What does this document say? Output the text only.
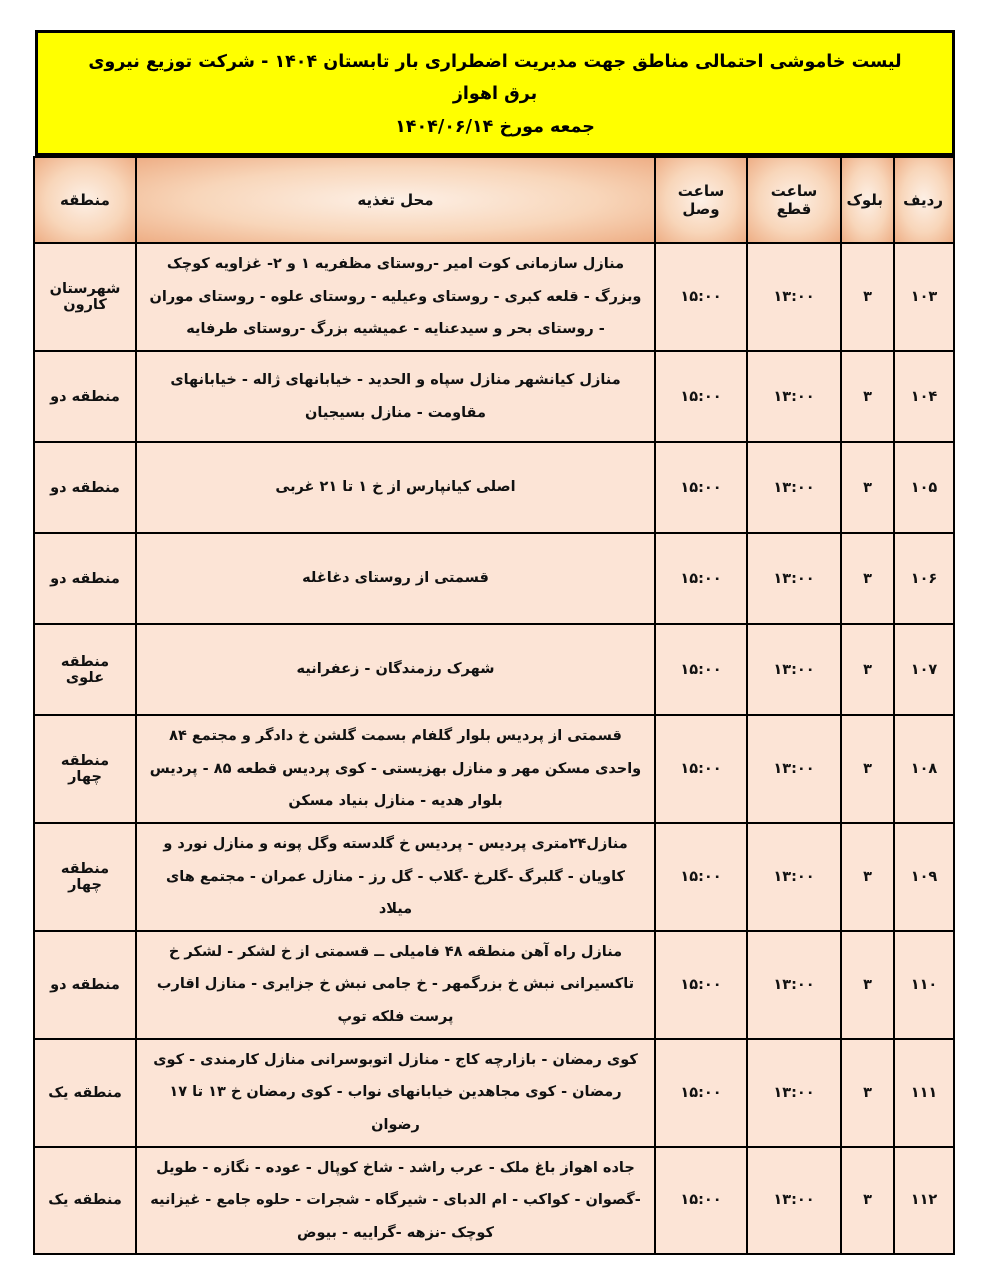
لیست خاموشی احتمالی مناطق جهت مدیریت اضطراری بار تابستان ۱۴۰۴ - شرکت توزیع نیروی برق اهواز
جمعه مورخ ۱۴۰۴/۰۶/۱۴
ردیف	بلوک	ساعت قطع	ساعت وصل	محل تغذیه	منطقه
۱۰۳	۳	۱۳:۰۰	۱۵:۰۰	منازل سازمانی کوت امیر -روستای مظفریه ۱ و ۲- غزاویه کوچک وبزرگ - قلعه کبری - روستای وعیلیه - روستای علوه - روستای موران - روستای بحر و سیدعنایه - عمیشیه بزرگ -روستای طرفایه	شهرستان کارون
۱۰۴	۳	۱۳:۰۰	۱۵:۰۰	منازل کیانشهر منازل سپاه و الحدید - خیابانهای ژاله - خیابانهای مقاومت - منازل بسیجیان	منطقه دو
۱۰۵	۳	۱۳:۰۰	۱۵:۰۰	اصلی کیانپارس از خ ۱ تا ۲۱ غربی	منطقه دو
۱۰۶	۳	۱۳:۰۰	۱۵:۰۰	قسمتی از روستای دغاغله	منطقه دو
۱۰۷	۳	۱۳:۰۰	۱۵:۰۰	شهرک رزمندگان - زعفرانیه	منطقه علوی
۱۰۸	۳	۱۳:۰۰	۱۵:۰۰	قسمتی از پردیس بلوار گلفام بسمت گلشن خ دادگر و مجتمع ۸۴ واحدی مسکن مهر و منازل بهزیستی - کوی پردیس قطعه ۸۵ - پردیس بلوار هدیه - منازل بنیاد مسکن	منطقه چهار
۱۰۹	۳	۱۳:۰۰	۱۵:۰۰	منازل۲۴متری پردیس - پردیس خ گلدسته وگل پونه و منازل نورد و کاویان - گلبرگ -گلرخ -گلاب - گل رز - منازل عمران - مجتمع های میلاد	منطقه چهار
۱۱۰	۳	۱۳:۰۰	۱۵:۰۰	منازل راه آهن منطقه ۴۸ فامیلی ــ قسمتی از خ لشکر - لشکر خ تاکسیرانی نبش خ بزرگمهر - خ جامی نبش خ جزایری - منازل اقارب پرست فلکه توپ	منطقه دو
۱۱۱	۳	۱۳:۰۰	۱۵:۰۰	کوی رمضان - بازارچه کاج - منازل اتوبوسرانی منازل کارمندی - کوی رمضان - کوی مجاهدین خیابانهای نواب - کوی رمضان خ ۱۳ تا ۱۷ رضوان	منطقه یک
۱۱۲	۳	۱۳:۰۰	۱۵:۰۰	جاده اهواز باغ ملک - عرب راشد - شاخ کوپال - عوده - نگازه - طویل -گصوان - کواکب - ام الدبای - شیرگاه - شجرات - حلوه جامع - غیزانیه کوچک -نزهه -گراییه - بیوض	منطقه یک
